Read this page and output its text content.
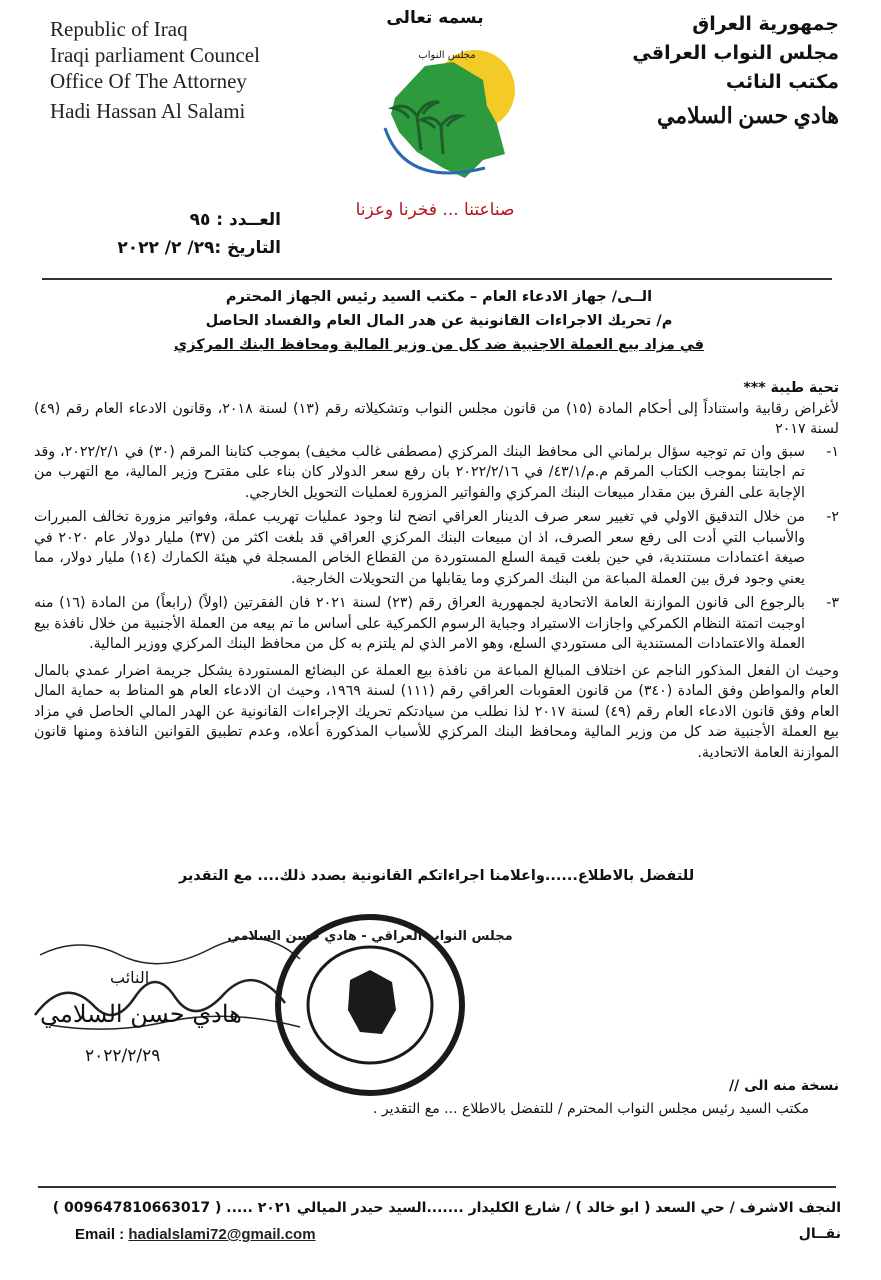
Republic of Iraq
Iraqi parliament Councel
Office Of The Attorney
Hadi Hassan Al Salami
جمهورية العراق
مجلس النواب العراقي
مكتب النائب
هادي حسن السلامي
بسمه تعالى
مجلس النواب
صناعتنا ... فخرنا وعزنا
العــدد : ٩٥
التاريخ :٢٩/ ٢/ ٢٠٢٢
الــى/ جهاز الادعاء العام – مكتب السيد رئيس الجهاز المحترم
م/ تحريك الاجراءات القانونية عن هدر المال العام والفساد الحاصل
في مزاد بيع العملة الاجنبية ضد كل من وزير المالية ومحافظ البنك المركزي
تحية طيبة ***
لأغراض رقابية واستناداً إلى أحكام المادة (١٥) من قانون مجلس النواب وتشكيلاته رقم (١٣) لسنة ٢٠١٨، وقانون الادعاء العام رقم (٤٩) لسنة ٢٠١٧
١-
سبق وان تم توجيه سؤال برلماني الى محافظ البنك المركزي (مصطفى غالب مخيف) بموجب كتابنا المرقم (٣٠) في ٢٠٢٢/٢/١، وقد تم اجابتنا بموجب الكتاب المرقم م.م/٤٣/١/ في ٢٠٢٢/٢/١٦ بان رفع سعر الدولار كان بناء على مقترح وزير المالية، مع التهرب من الإجابة على الفرق بين مقدار مبيعات البنك المركزي والفواتير المزورة لعمليات التحويل الخارجي.
٢-
من خلال التدقيق الاولي في تغيير سعر صرف الدينار العراقي اتضح لنا وجود عمليات تهريب عملة، وفواتير مزورة تخالف المبررات والأسباب التي أدت الى رفع سعر الصرف، اذ ان مبيعات البنك المركزي العراقي قد بلغت اكثر من (٣٧) مليار دولار عام ٢٠٢٠ في صيغة اعتمادات مستندية، في حين بلغت قيمة السلع المستوردة من القطاع الخاص المسجلة في هيئة الكمارك (١٤) مليار دولار، مما يعني وجود فرق بين العملة المباعة من البنك المركزي وما يقابلها من التحويلات الخارجية.
٣-
بالرجوع الى قانون الموازنة العامة الاتحادية لجمهورية العراق رقم (٢٣) لسنة ٢٠٢١ فان الفقرتين (اولاً) (رابعاً) من المادة (١٦) منه اوجبت اتمتة النظام الكمركي واجازات الاستيراد وجباية الرسوم الكمركية على أساس ما تم بيعه من العملة الأجنبية من خلال نافذة بيع العملة والاعتمادات المستندية الى مستوردي السلع، وهو الامر الذي لم يلتزم به كل من محافظ البنك المركزي ووزير المالية.
وحيث ان الفعل المذكور الناجم عن اختلاف المبالغ المباعة من نافذة بيع العملة عن البضائع المستوردة يشكل جريمة اضرار عمدي بالمال العام والمواطن وفق المادة (٣٤٠) من قانون العقوبات العراقي رقم (١١١) لسنة ١٩٦٩، وحيث ان الادعاء العام هو المناط به حماية المال العام وفق قانون الادعاء العام رقم (٤٩) لسنة ٢٠١٧ لذا نطلب من سيادتكم تحريك الإجراءات القانونية عن الهدر المالي الحاصل في مزاد بيع العملة الأجنبية ضد كل من وزير المالية ومحافظ البنك المركزي للأسباب المذكورة أعلاه، وعدم تطبيق القوانين النافذة ومنها قانون الموازنة العامة الاتحادية.
للتفضل بالاطلاع......واعلامنا اجراءاتكم القانونية بصدد ذلك.... مع التقدير
النائب
هادي حسن السلامي
٢٠٢٢/٢/٢٩
مجلس النواب العراقي - هادي حسن السلامي
نسخة منه الى //
مكتب السيد رئيس مجلس النواب المحترم / للتفضل بالاطلاع ... مع التقدير .
النجف الاشرف / حي السعد ( ابو خالد ) / شارع الكليدار .......السيد حيدر الميالي ٢٠٢١ ..... ( 009647810663017 ) نقــال
Email : hadialslami72@gmail.com
